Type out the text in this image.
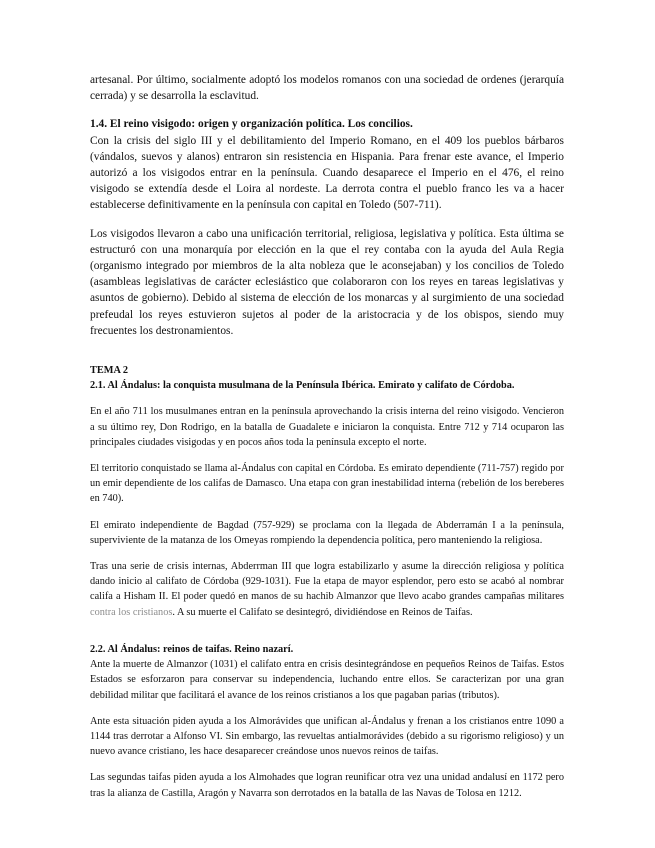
artesanal. Por último, socialmente adoptó los modelos romanos con una sociedad de ordenes (jerarquía cerrada) y se desarrolla la esclavitud.

1.4. El reino visigodo: origen y organización política. Los concilios.

Con la crisis del siglo III y el debilitamiento del Imperio Romano, en el 409 los pueblos bárbaros (vándalos, suevos y alanos) entraron sin resistencia en Hispania. Para frenar este avance, el Imperio autorizó a los visigodos entrar en la península. Cuando desaparece el Imperio en el 476, el reino visigodo se extendía desde el Loira al nordeste. La derrota contra el pueblo franco les va a hacer establecerse definitivamente en la península con capital en Toledo (507-711).

Los visigodos llevaron a cabo una unificación territorial, religiosa, legislativa y política. Esta última se estructuró con una monarquía por elección en la que el rey contaba con la ayuda del Aula Regia (organismo integrado por miembros de la alta nobleza que le aconsejaban) y los concilios de Toledo (asambleas legislativas de carácter eclesiástico que colaboraron con los reyes en tareas legislativas y asuntos de gobierno). Debido al sistema de elección de los monarcas y al surgimiento de una sociedad prefeudal los reyes estuvieron sujetos al poder de la aristocracia y de los obispos, siendo muy frecuentes los destronamientos.

TEMA 2

2.1. Al Ándalus: la conquista musulmana de la Península Ibérica. Emirato y califato de Córdoba.

En el año 711 los musulmanes entran en la península aprovechando la crisis interna del reino visigodo. Vencieron a su último rey, Don Rodrigo, en la batalla de Guadalete e iniciaron la conquista. Entre 712 y 714 ocuparon las principales ciudades visigodas y en pocos años toda la península excepto el norte.

El territorio conquistado se llama al-Ándalus con capital en Córdoba. Es emirato dependiente (711-757) regido por un emir dependiente de los califas de Damasco. Una etapa con gran inestabilidad interna (rebelión de los bereberes en 740).

El emirato independiente de Bagdad (757-929) se proclama con la llegada de Abderramán I a la península, superviviente de la matanza de los Omeyas rompiendo la dependencia política, pero manteniendo la religiosa.

Tras una serie de crisis internas, Abderrman III que logra estabilizarlo y asume la dirección religiosa y política dando inicio al califato de Córdoba (929-1031). Fue la etapa de mayor esplendor, pero esto se acabó al nombrar califa a Hisham II. El poder quedó en manos de su hachib Almanzor que llevo acabo grandes campañas militares contra los cristianos. A su muerte el Califato se desintegró, dividiéndose en Reinos de Taifas.

2.2. Al Ándalus: reinos de taifas. Reino nazarí.

Ante la muerte de Almanzor (1031) el califato entra en crisis desintegrándose en pequeños Reinos de Taifas. Estos Estados se esforzaron para conservar su independencia, luchando entre ellos. Se caracterizan por una gran debilidad militar que facilitará el avance de los reinos cristianos a los que pagaban parias (tributos).

Ante esta situación piden ayuda a los Almorávides que unifican al-Ándalus y frenan a los cristianos entre 1090 a 1144 tras derrotar a Alfonso VI. Sin embargo, las revueltas antialmorávides (debido a su rigorismo religioso) y un nuevo avance cristiano, les hace desaparecer creándose unos nuevos reinos de taifas.

Las segundas taifas piden ayuda a los Almohades que logran reunificar otra vez una unidad andalusí en 1172 pero tras la alianza de Castilla, Aragón y Navarra son derrotados en la batalla de las Navas de Tolosa en 1212.
